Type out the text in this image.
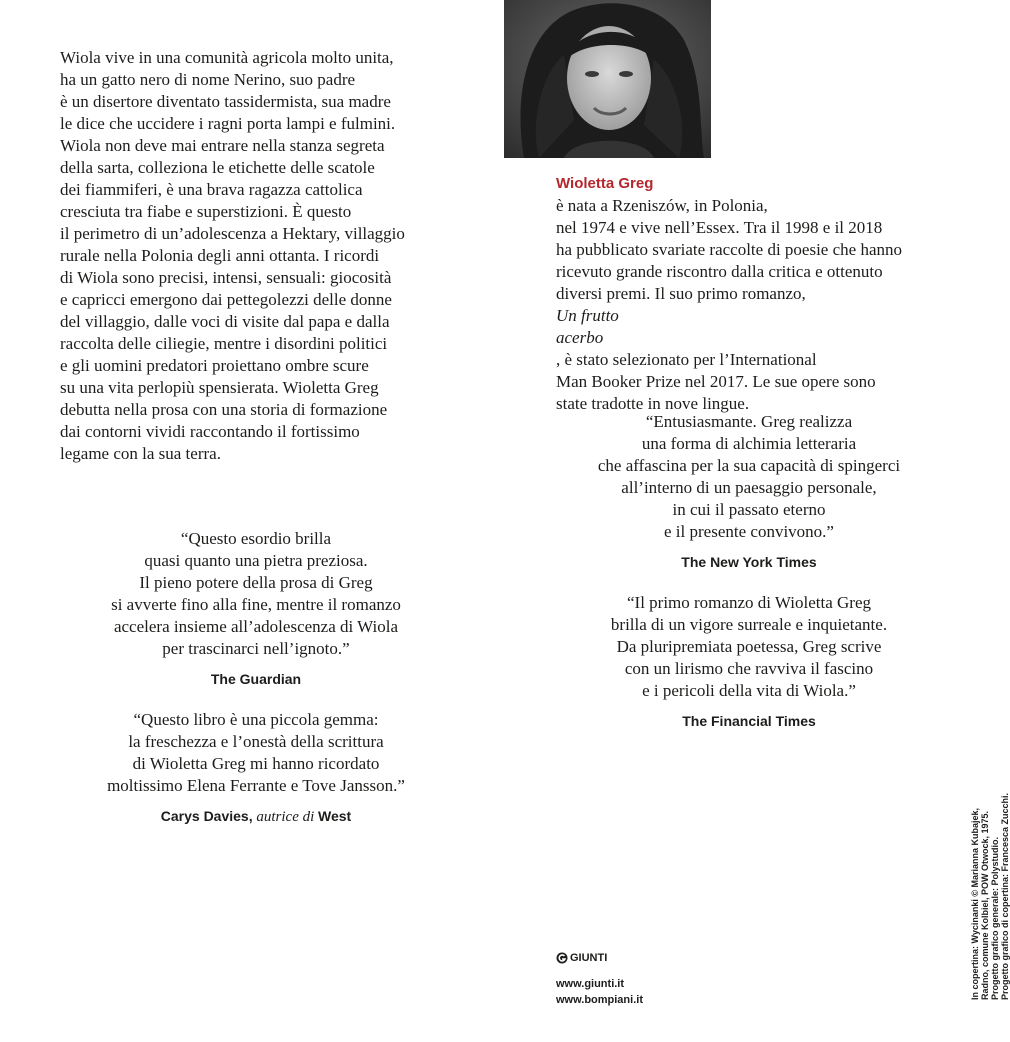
Wiola vive in una comunità agricola molto unita,
ha un gatto nero di nome Nerino, suo padre
è un disertore diventato tassidermista, sua madre
le dice che uccidere i ragni porta lampi e fulmini.
Wiola non deve mai entrare nella stanza segreta
della sarta, colleziona le etichette delle scatole
dei fiammiferi, è una brava ragazza cattolica
cresciuta tra fiabe e superstizioni. È questo
il perimetro di un’adolescenza a Hektary, villaggio
rurale nella Polonia degli anni ottanta. I ricordi
di Wiola sono precisi, intensi, sensuali: giocosità
e capricci emergono dai pettegolezzi delle donne
del villaggio, dalle voci di visite dal papa e dalla
raccolta delle ciliegie, mentre i disordini politici
e gli uomini predatori proiettano ombre scure
su una vita perlopiù spensierata. Wioletta Greg
debutta nella prosa con una storia di formazione
dai contorni vividi raccontando il fortissimo
legame con la sua terra.
Wioletta Greg
è nata a Rzeniszów, in Polonia,
nel 1974 e vive nell’Essex. Tra il 1998 e il 2018
ha pubblicato svariate raccolte di poesie che hanno
ricevuto grande riscontro dalla critica e ottenuto
diversi premi. Il suo primo romanzo,
Un frutto
acerbo
, è stato selezionato per l’International
Man Booker Prize nel 2017. Le sue opere sono
state tradotte in nove lingue.
“Questo esordio brilla
quasi quanto una pietra preziosa.
Il pieno potere della prosa di Greg
si avverte fino alla fine, mentre il romanzo
accelera insieme all’adolescenza di Wiola
per trascinarci nell’ignoto.”
The Guardian
“Questo libro è una piccola gemma:
la freschezza e l’onestà della scrittura
di Wioletta Greg mi hanno ricordato
moltissimo Elena Ferrante e Tove Jansson.”
Carys Davies, autrice di West
“Entusiasmante. Greg realizza
una forma di alchimia letteraria
che affascina per la sua capacità di spingerci
all’interno di un paesaggio personale,
in cui il passato eterno
e il presente convivono.”
The New York Times
“Il primo romanzo di Wioletta Greg
brilla di un vigore surreale e inquietante.
Da pluripremiata poetessa, Greg scrive
con un lirismo che ravviva il fascino
e i pericoli della vita di Wiola.”
The Financial Times
GIUNTI
www.giunti.it
www.bompiani.it	In copertina: Wycinanki © Marianna Kubajek, Radno, comune Kolbiel, POW Otwock, 1975. Progetto grafico generale: Polystudio. Progetto grafico di copertina: Francesca Zucchi.
